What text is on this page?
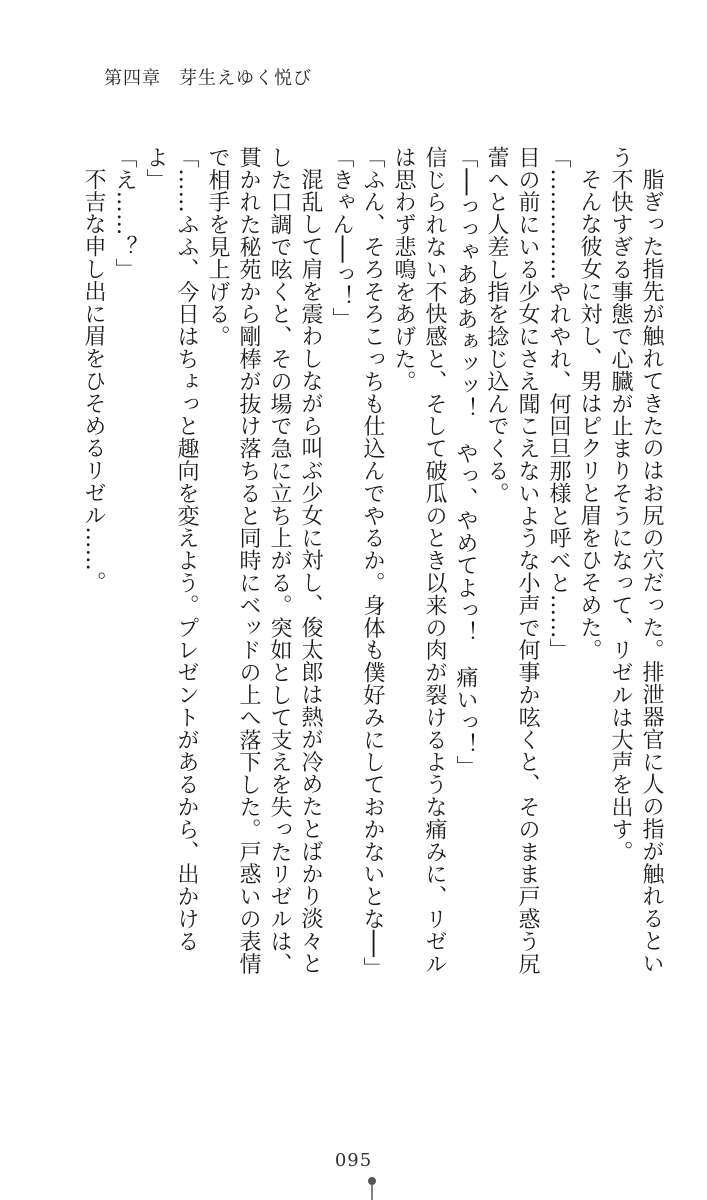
第四章 芽生えゆく悦び

脂ぎった指先が触れてきたのはお尻の穴だった。排泄器官に人の指が触れるという不快すぎる事態で心臓が止まりそうになって、リゼルは大声を出す。

そんな彼女に対し、男はピクリと眉をひそめた。

「……………やれやれ、何回旦那様と呼べと……」

目の前にいる少女にさえ聞こえないような小声で何事か呟くと、そのまま戸惑う尻蕾へと人差し指を捻じ込んでくる。

「──っっゃあああぁッッ！　やっ、やめてよっ！　痛いっ！」

信じられない不快感と、そして破瓜のとき以来の肉が裂けるような痛みに、リゼルは思わず悲鳴をあげた。

「ふん、そろそろこっちも仕込んでやるか。身体も僕好みにしておかないとな──」

「きゃん──っ！」

混乱して肩を震わしながら叫ぶ少女に対し、俊太郎は熱が冷めたとばかり淡々とした口調で呟くと、その場で急に立ち上がる。突如として支えを失ったリゼルは、貫かれた秘苑から剛棒が抜け落ちると同時にベッドの上へ落下した。戸惑いの表情で相手を見上げる。

「……ふふ、今日はちょっと趣向を変えよう。プレゼントがあるから、出かけるよ」

「え……？」

不吉な申し出に眉をひそめるリゼル……。

095
